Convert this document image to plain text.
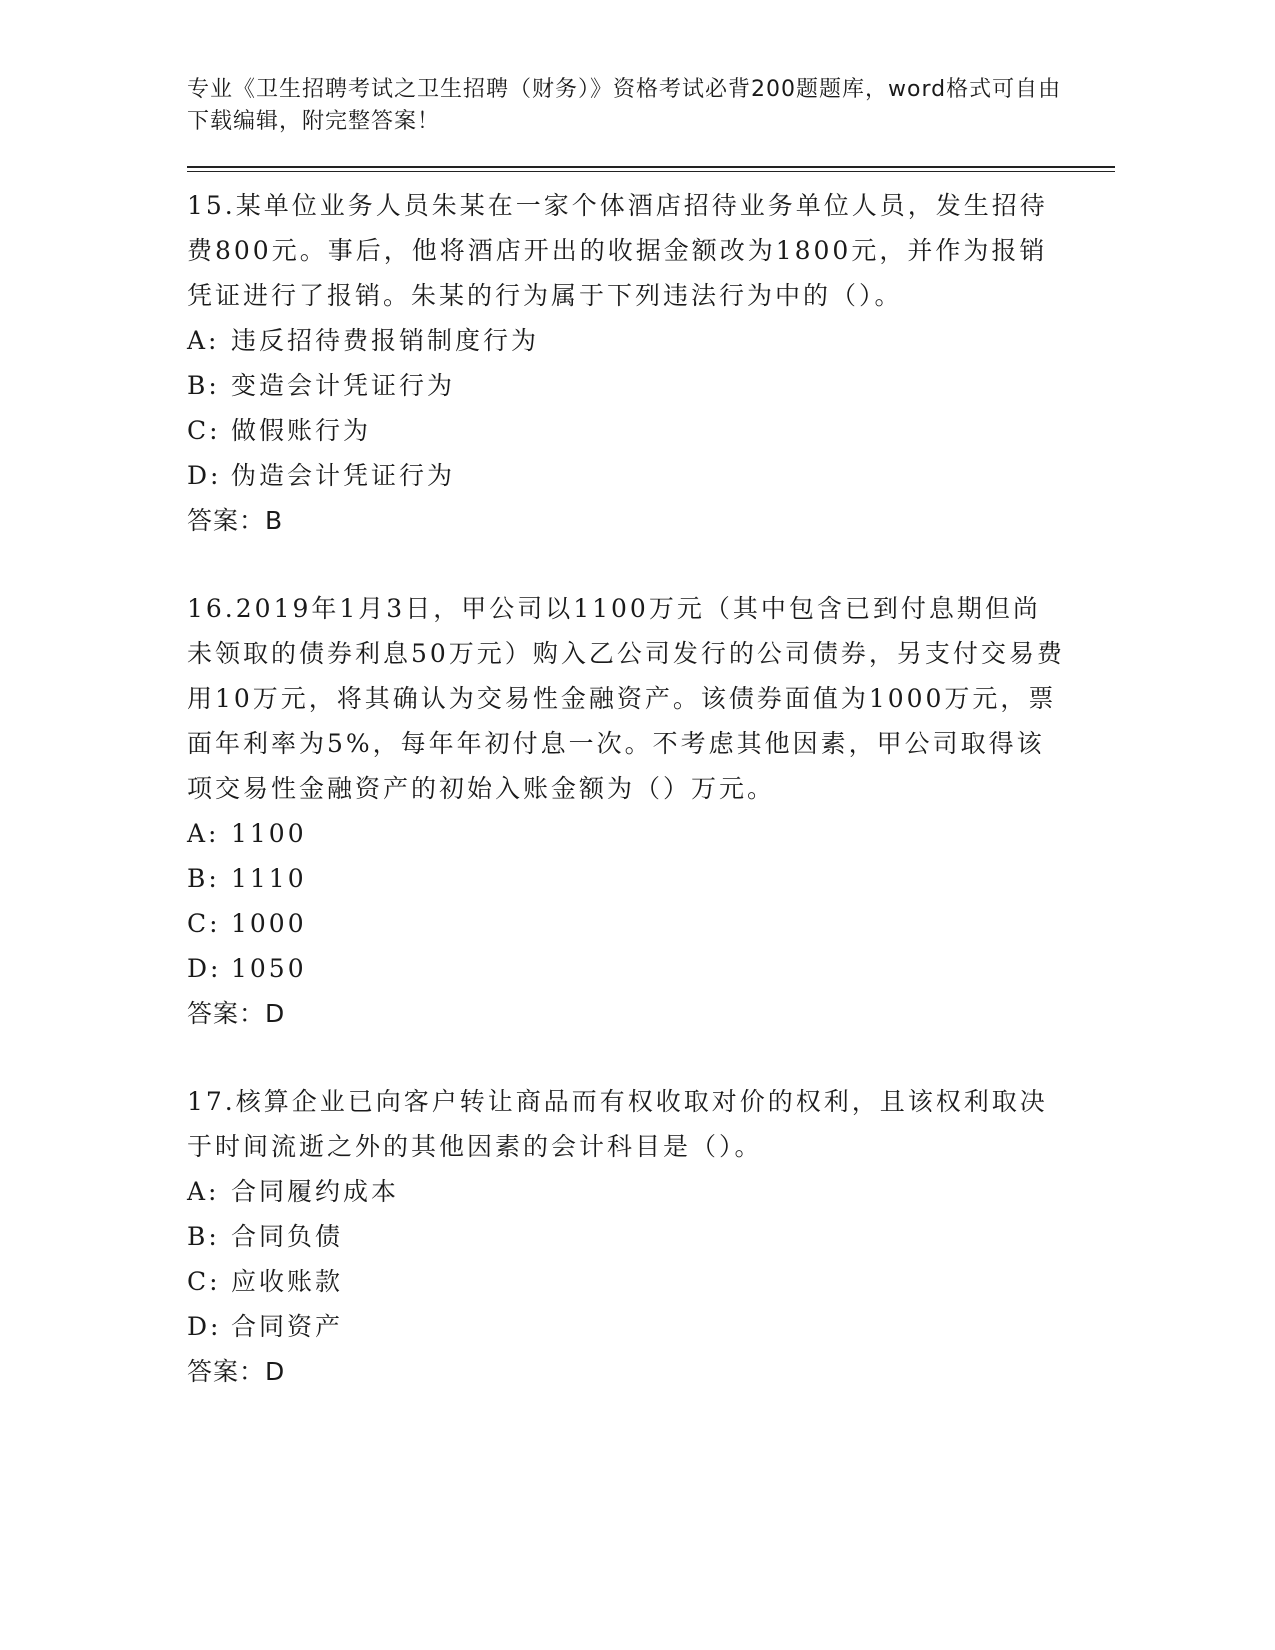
专业《卫生招聘考试之卫生招聘（财务）》资格考试必背200题题库，word格式可自由下载编辑，附完整答案！

15.某单位业务人员朱某在一家个体酒店招待业务单位人员，发生招待费800元。事后，他将酒店开出的收据金额改为1800元，并作为报销凭证进行了报销。朱某的行为属于下列违法行为中的（）。

A: 违反招待费报销制度行为

B: 变造会计凭证行为

C: 做假账行为

D: 伪造会计凭证行为

答案：B

16.2019年1月3日，甲公司以1100万元（其中包含已到付息期但尚未领取的债券利息50万元）购入乙公司发行的公司债券，另支付交易费用10万元，将其确认为交易性金融资产。该债券面值为1000万元，票面年利率为5%，每年年初付息一次。不考虑其他因素，甲公司取得该项交易性金融资产的初始入账金额为（）万元。

A: 1100

B: 1110

C: 1000

D: 1050

答案：D

17.核算企业已向客户转让商品而有权收取对价的权利，且该权利取决于时间流逝之外的其他因素的会计科目是（）。

A: 合同履约成本

B: 合同负债

C: 应收账款

D: 合同资产

答案：D
